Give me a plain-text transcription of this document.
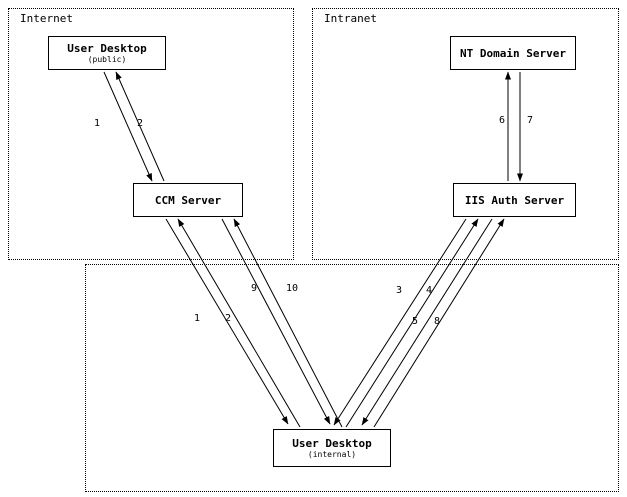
Internet	Intranet
User Desktop
(public)
CCM Server
NT Domain Server
IIS Auth Server
User Desktop
(internal)
1	2	6 7
9	10	3 4
1 2	5 8
